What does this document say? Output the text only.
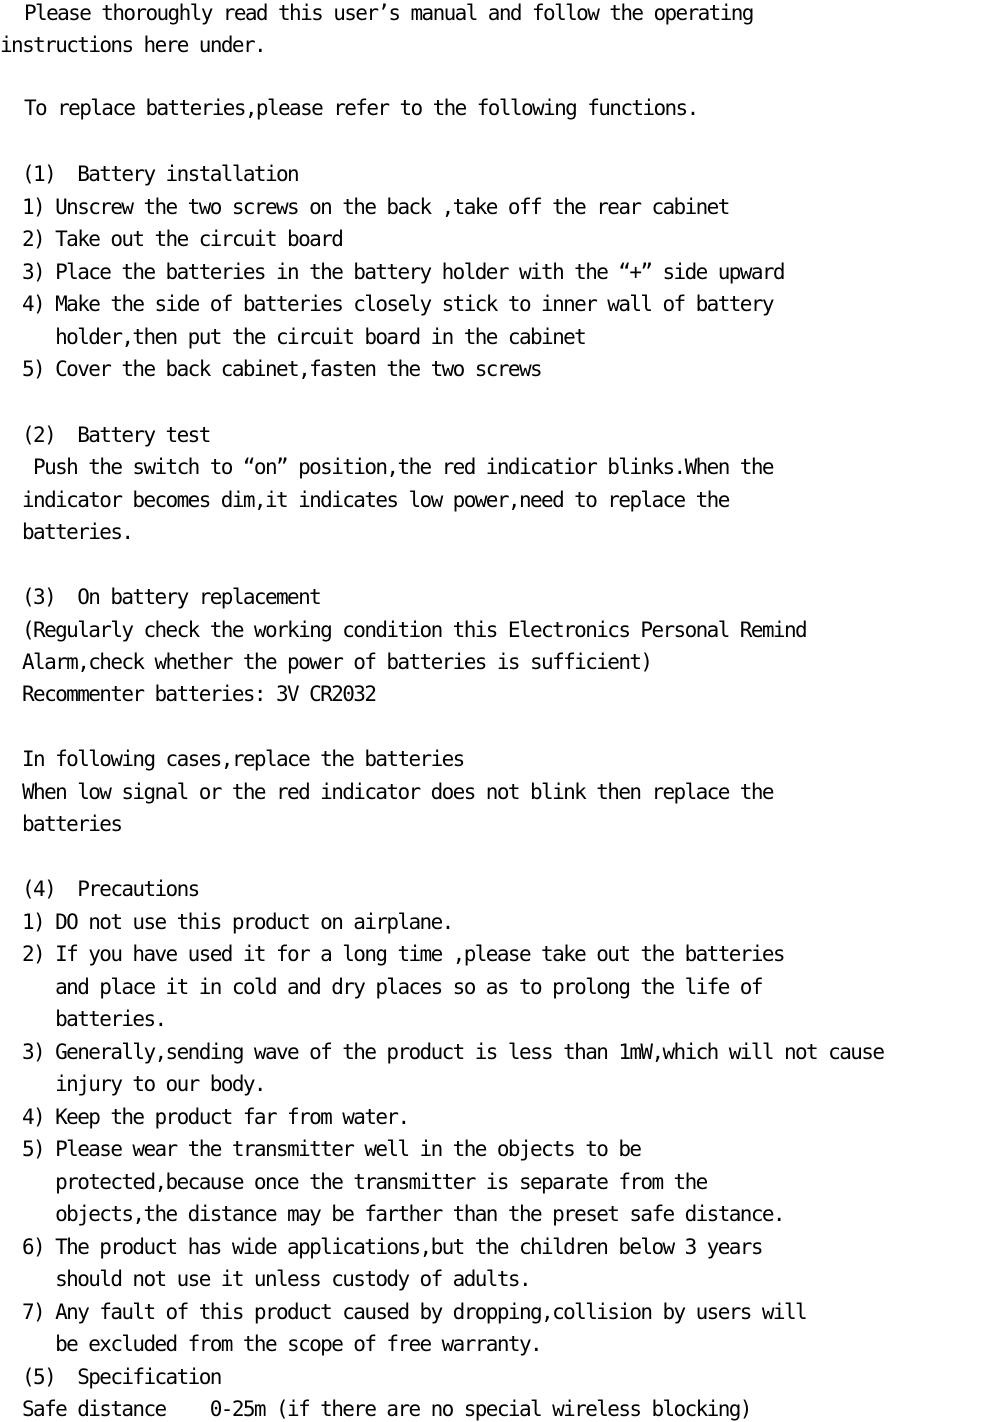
Please thoroughly read this user’s manual and follow the operating
instructions here under.
To replace batteries,please refer to the following functions.
(1)  Battery installation
1) Unscrew the two screws on the back ,take off the rear cabinet
2) Take out the circuit board
3) Place the batteries in the battery holder with the “+” side upward
4) Make the side of batteries closely stick to inner wall of battery
holder,then put the circuit board in the cabinet
5) Cover the back cabinet,fasten the two screws
(2)  Battery test
Push the switch to “on” position,the red indicatior blinks.When the
indicator becomes dim,it indicates low power,need to replace the
batteries.
(3)  On battery replacement
(Regularly check the working condition this Electronics Personal Remind
Alarm,check whether the power of batteries is sufficient)
Recommenter batteries: 3V CR2032
In following cases,replace the batteries
When low signal or the red indicator does not blink then replace the
batteries
(4)  Precautions
1) DO not use this product on airplane.
2) If you have used it for a long time ,please take out the batteries
and place it in cold and dry places so as to prolong the life of
batteries.
3) Generally,sending wave of the product is less than 1mW,which will not cause
injury to our body.
4) Keep the product far from water.
5) Please wear the transmitter well in the objects to be
protected,because once the transmitter is separate from the
objects,the distance may be farther than the preset safe distance.
6) The product has wide applications,but the children below 3 years
should not use it unless custody of adults.
7) Any fault of this product caused by dropping,collision by users will
be excluded from the scope of free warranty.
(5)  Specification
Safe distance    0-25m (if there are no special wireless blocking)
